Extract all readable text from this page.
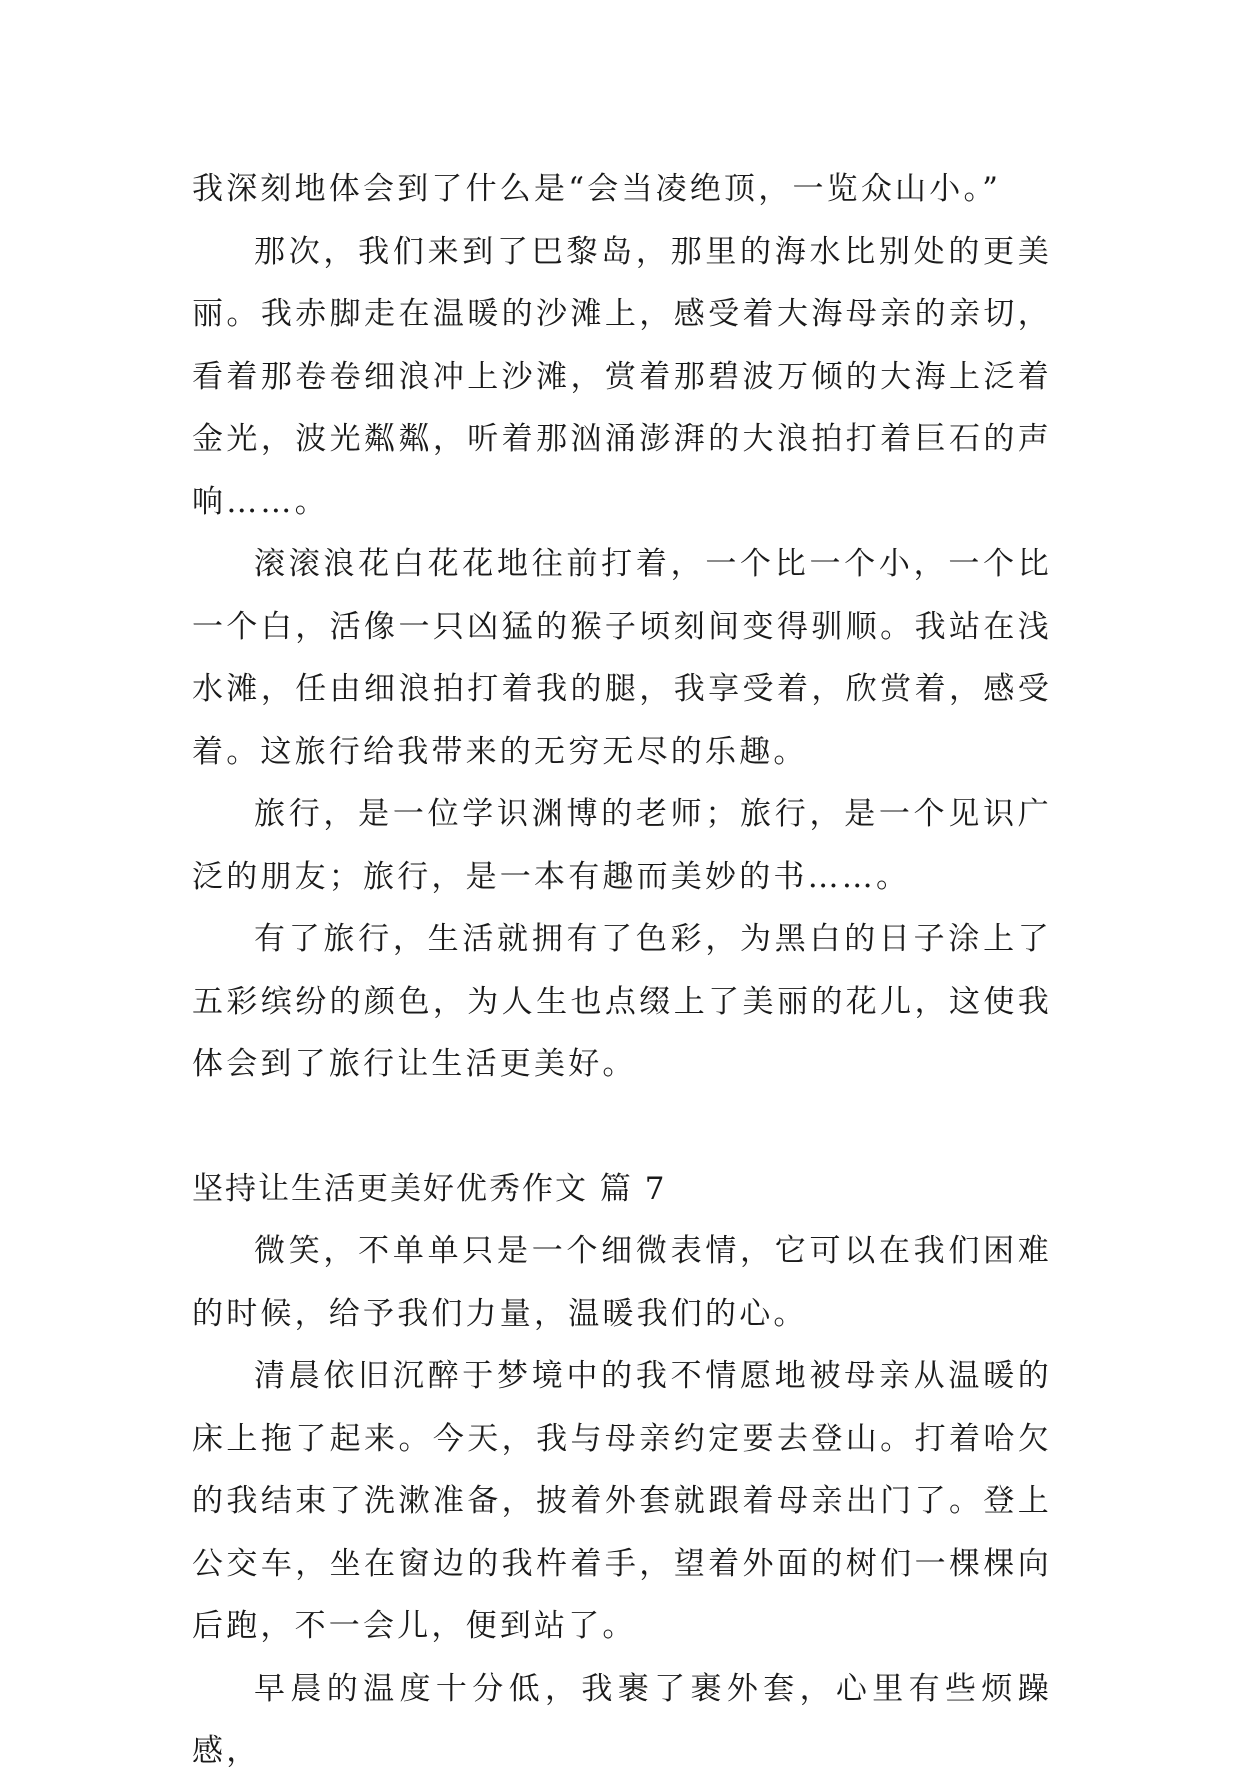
我深刻地体会到了什么是“会当凌绝顶，一览众山小。”

那次，我们来到了巴黎岛，那里的海水比别处的更美丽。我赤脚走在温暖的沙滩上，感受着大海母亲的亲切，看着那卷卷细浪冲上沙滩，赏着那碧波万倾的大海上泛着金光，波光粼粼，听着那汹涌澎湃的大浪拍打着巨石的声响……。

滚滚浪花白花花地往前打着，一个比一个小，一个比一个白，活像一只凶猛的猴子顷刻间变得驯顺。我站在浅水滩，任由细浪拍打着我的腿，我享受着，欣赏着，感受着。这旅行给我带来的无穷无尽的乐趣。

旅行，是一位学识渊博的老师；旅行，是一个见识广泛的朋友；旅行，是一本有趣而美妙的书……。

有了旅行，生活就拥有了色彩，为黑白的日子涂上了五彩缤纷的颜色，为人生也点缀上了美丽的花儿，这使我体会到了旅行让生活更美好。

坚持让生活更美好优秀作文 篇 7

微笑，不单单只是一个细微表情，它可以在我们困难的时候，给予我们力量，温暖我们的心。

清晨依旧沉醉于梦境中的我不情愿地被母亲从温暖的床上拖了起来。今天，我与母亲约定要去登山。打着哈欠的我结束了洗漱准备，披着外套就跟着母亲出门了。登上公交车，坐在窗边的我杵着手，望着外面的树们一棵棵向后跑，不一会儿，便到站了。

早晨的温度十分低，我裹了裹外套，心里有些烦躁感，
